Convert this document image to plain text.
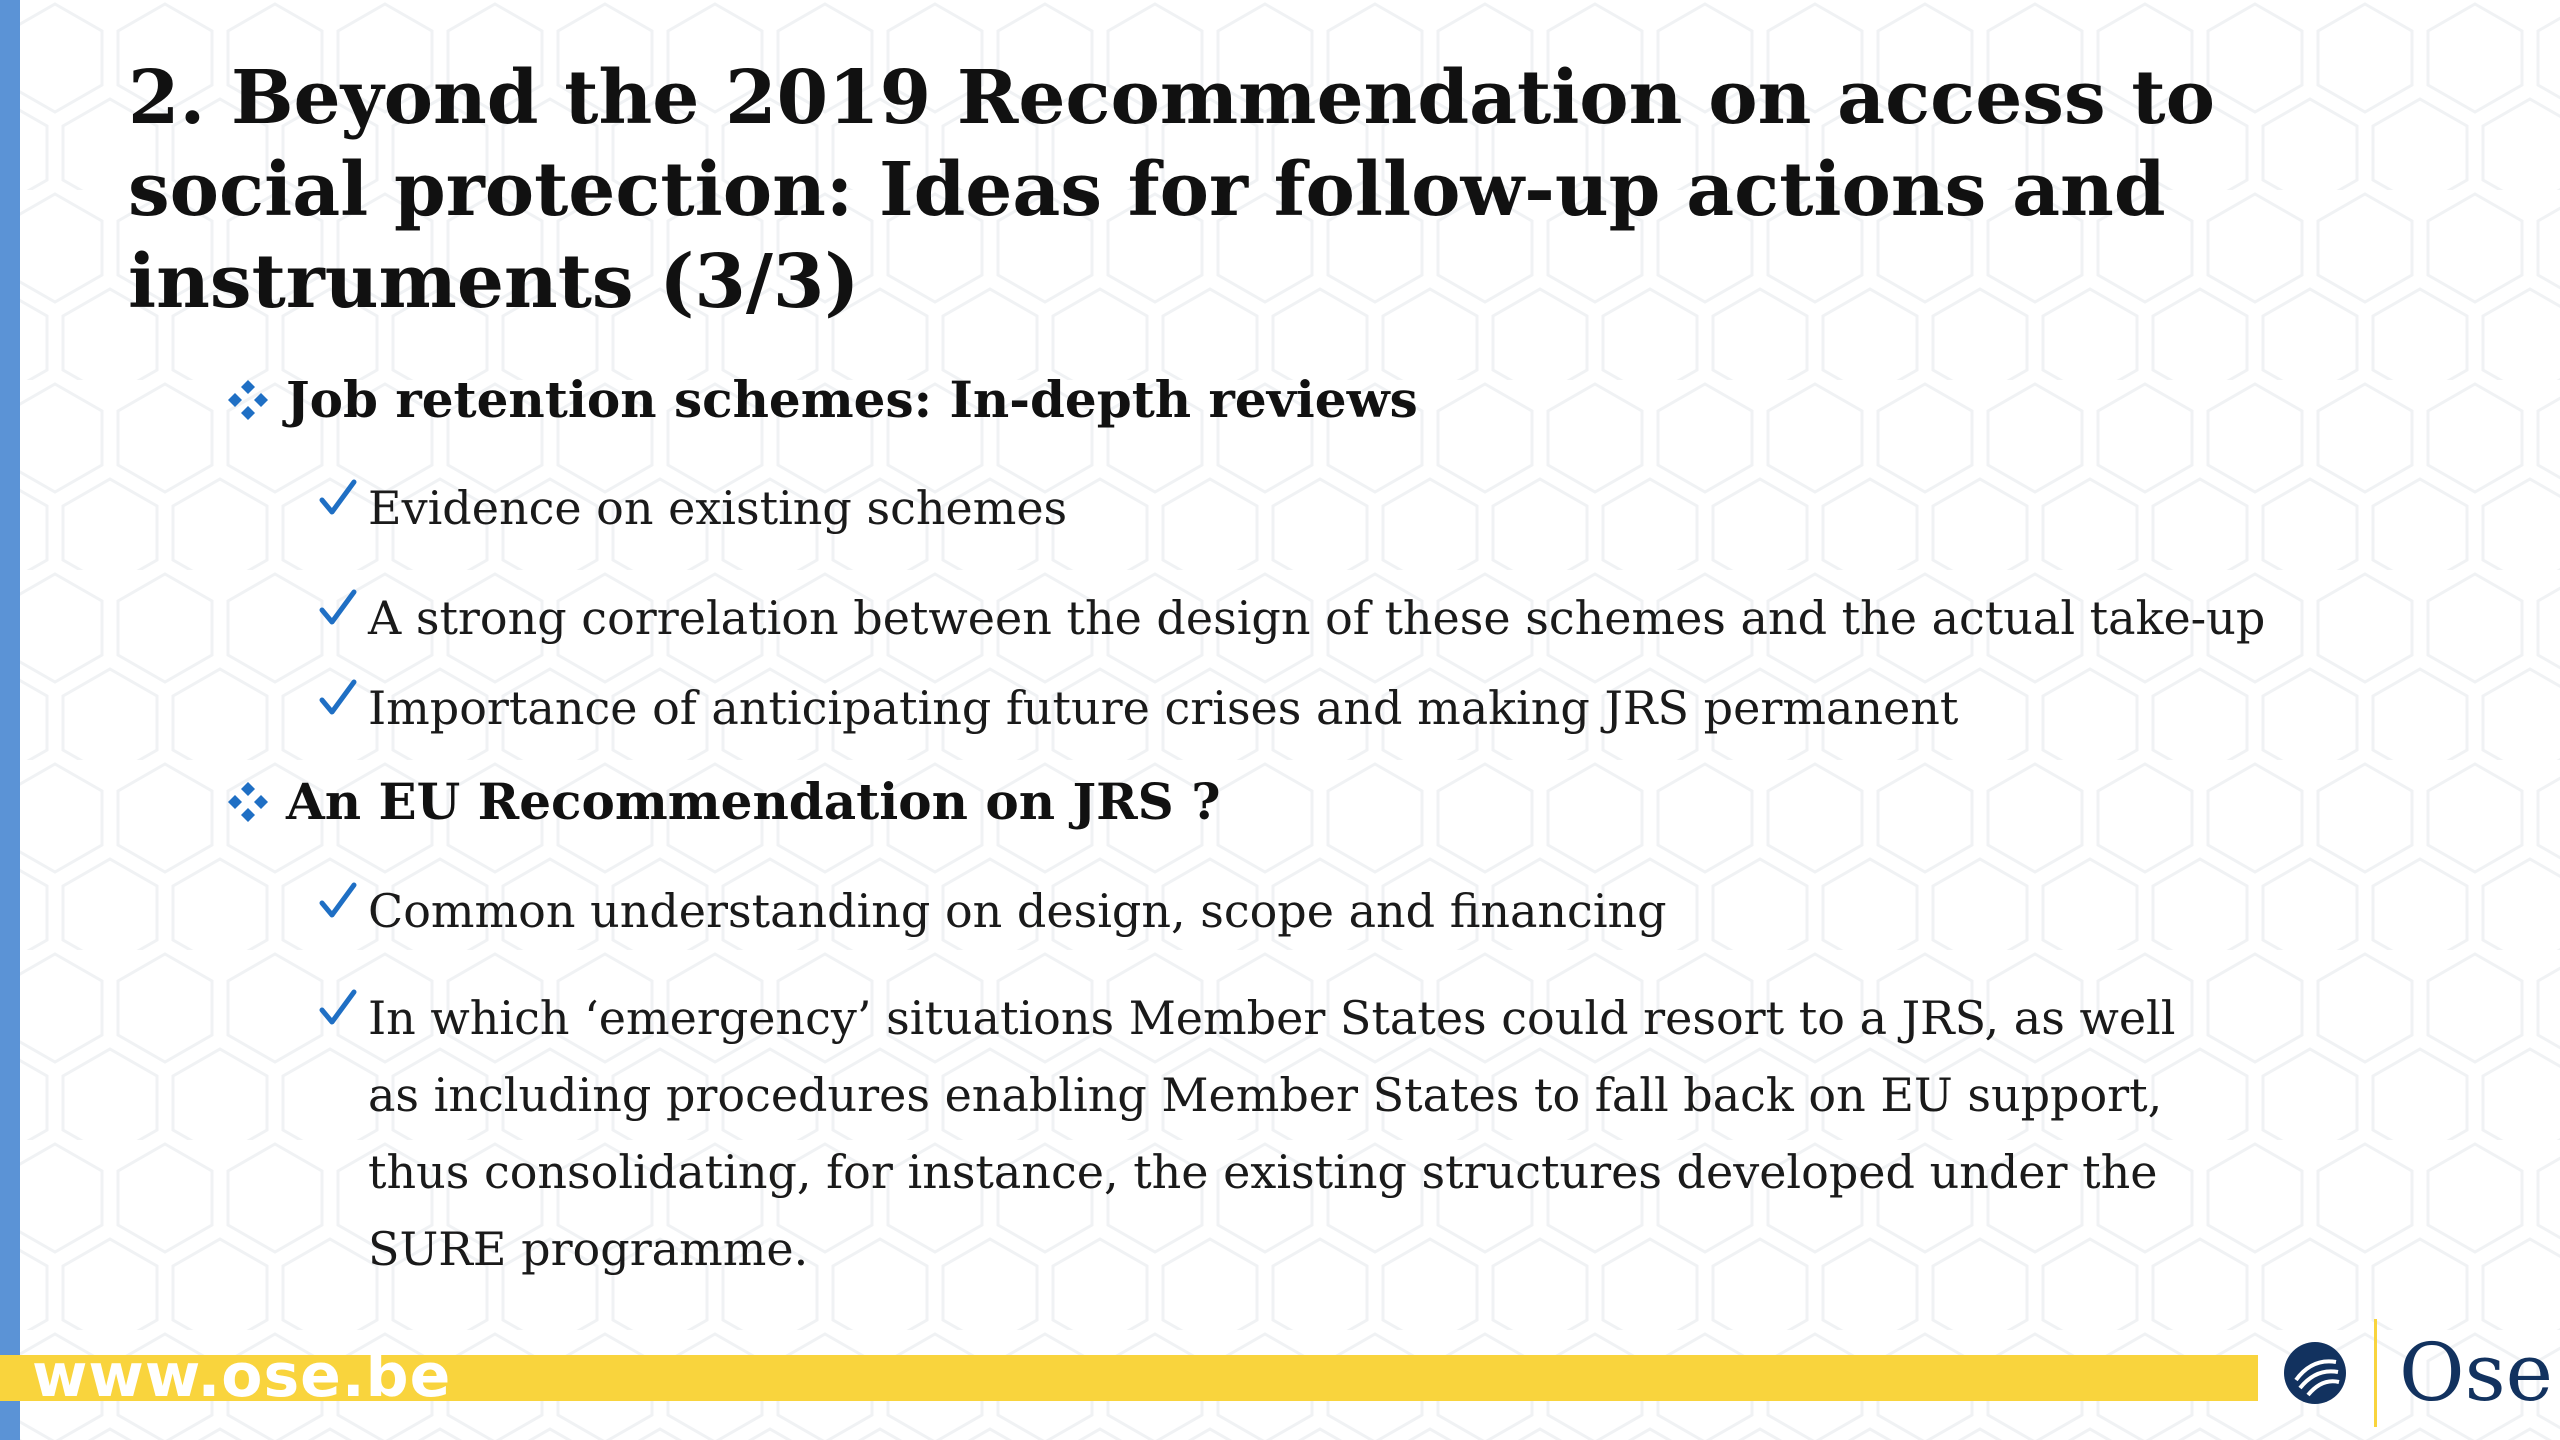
2. Beyond the 2019 Recommendation on access to social protection: Ideas for follow-up actions and instruments (3/3)
Job retention schemes: In-depth reviews
Evidence on existing schemes
A strong correlation between the design of these schemes and the actual take-up
Importance of anticipating future crises and making JRS permanent
An EU Recommendation on JRS ?
Common understanding on design, scope and financing
In which ‘emergency’ situations Member States could resort to a JRS, as well as including procedures enabling Member States to fall back on EU support, thus consolidating, for instance, the existing structures developed under the SURE programme.
www.ose.be	Ose
